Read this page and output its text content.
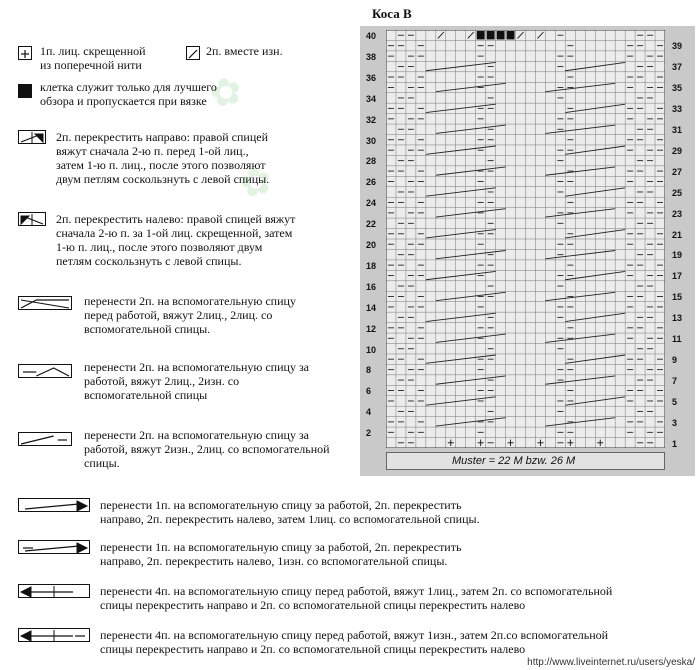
✿
✿
1п. лиц. скрещенной
из поперечной нити
2п. вместе изн.
клетка служит только для лучшего
обзора и пропускается при вязке
2п. перекрестить направо: правой спицей
вяжут сначала 2-ю п. перед 1-ой лиц.,
затем 1-ю п. лиц., после этого позволяют
двум петлям соскользнуть с левой спицы.
2п. перекрестить налево: правой спицей вяжут
сначала 2-ю п. за 1-ой лиц. скрещенной, затем
1-ю п. лиц., после этого позволяют двум
петлям соскользнуть с левой спицы.
перенести 2п. на вспомогательную спицу
перед работой, вяжут 2лиц., 2лиц. со
вспомогательной спицы.
перенести 2п. на вспомогательную спицу за
работой, вяжут 2лиц., 2изн. со
вспомогательной спицы
перенести 2п. на вспомогательную спицу за
работой, вяжут 2изн., 2лиц. со вспомогательной
спицы.
перенести 1п. на вспомогательную спицу за работой, 2п. перекрестить
направо, 2п. перекрестить налево, затем 1лиц. со вспомогательной спицы.
перенести 1п. на вспомогательную спицу за работой, 2п. перекрестить
направо, 2п. перекрестить налево, 1изн. со вспомогательной спицы.
перенести 4п. на вспомогательную спицу перед работой, вяжут 1лиц., затем 2п. со вспомогательной
спицы перекрестить направо и 2п. со вспомогательной спицы перекрестить налево
перенести 4п. на вспомогательную спицу перед работой, вяжут 1изн., затем 2п.со вспомогательной
спицы перекрестить направо и 2п. со вспомогательной спицы перекрестить налево
Коса В
40
38
36
34
32
30
28
26
24
22
20
18
16
14
12
10
8
6
4
2
39
37
35
33
31
29
27
25
23
21
19
17
15
13
11
9
7
5
3
1
Muster = 22 M bzw. 26 M
http://www.liveinternet.ru/users/yeska/
